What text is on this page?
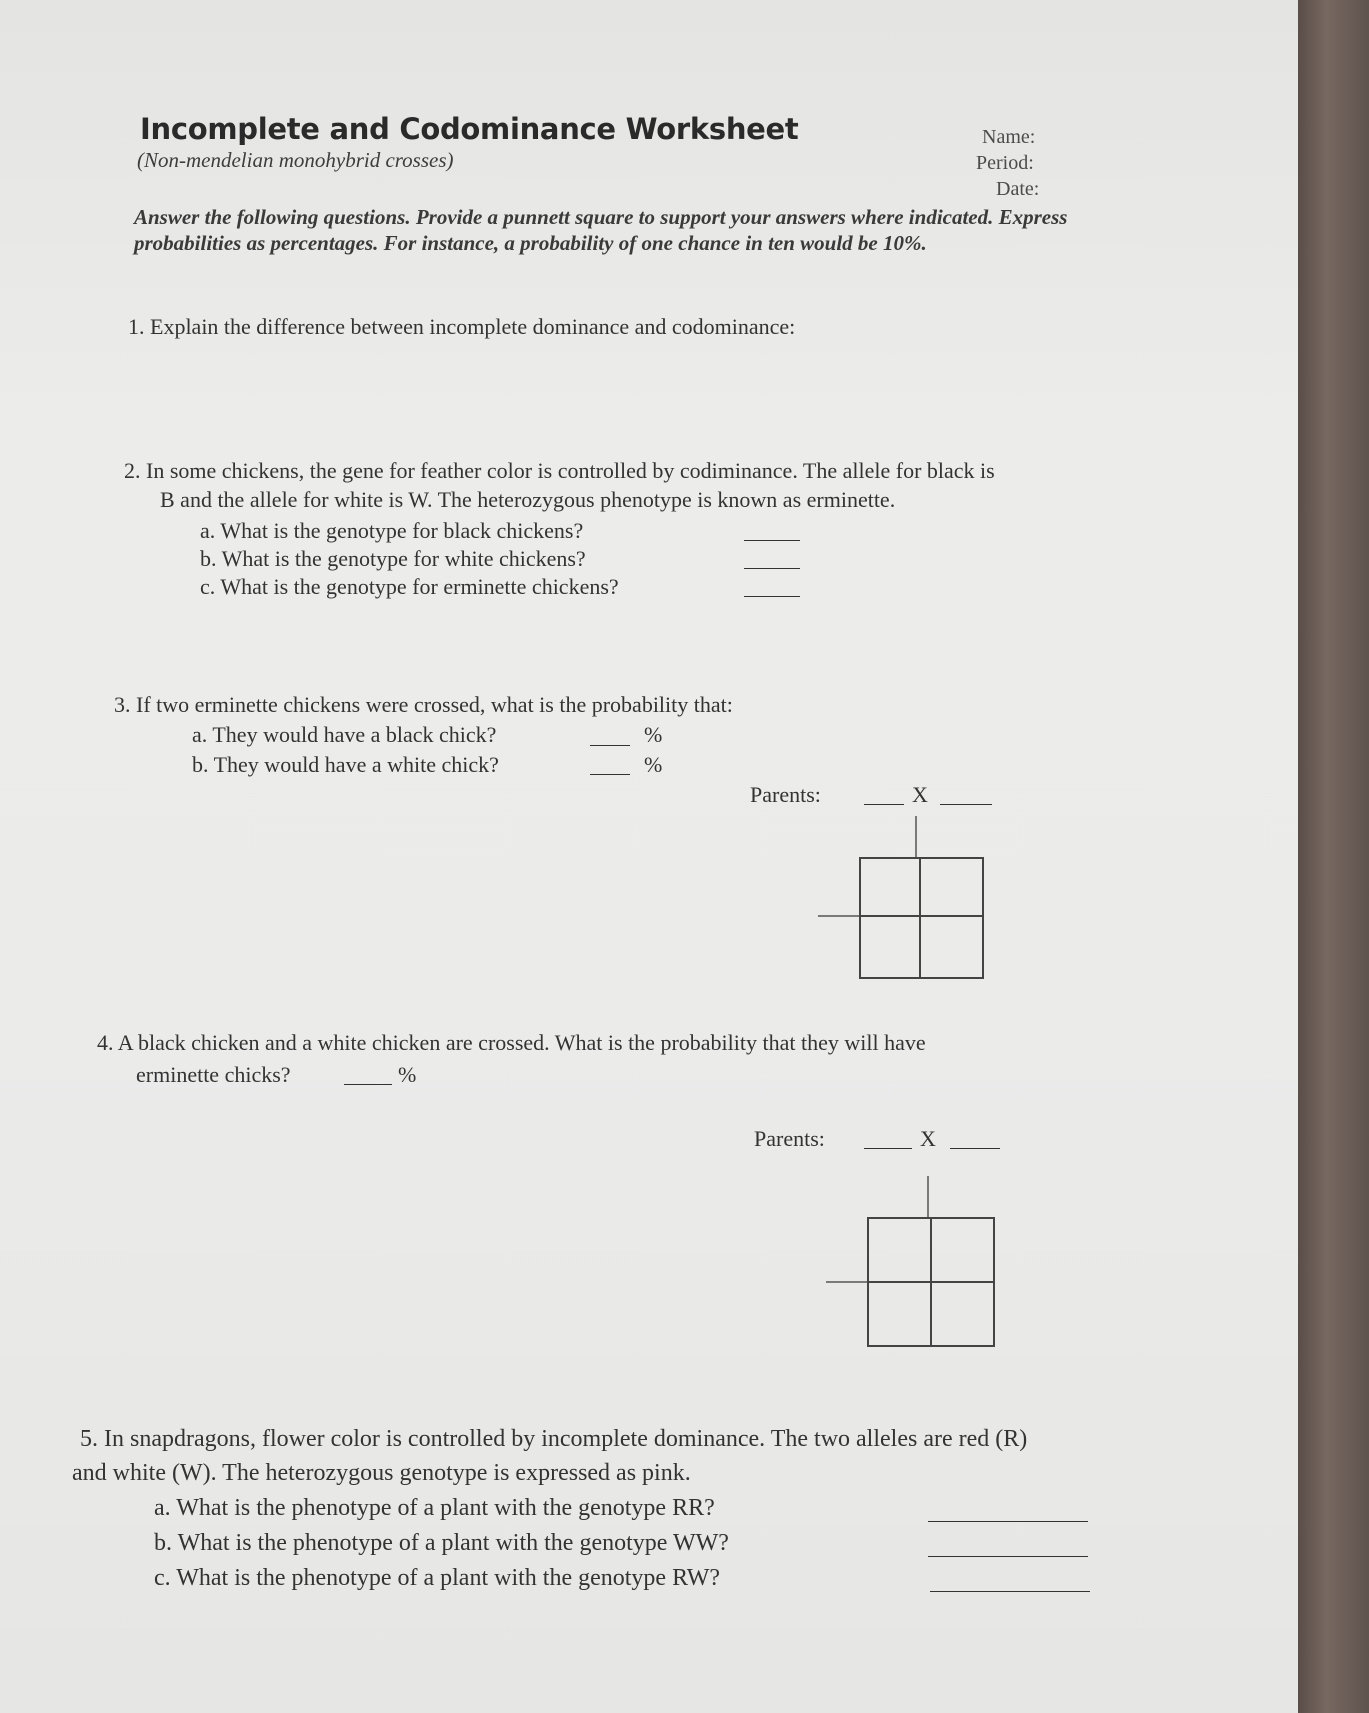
Incomplete and Codominance Worksheet
(Non-mendelian monohybrid crosses)
Name:
Period:
Date:
Answer the following questions. Provide a punnett square to support your answers where indicated. Express probabilities as percentages. For instance, a probability of one chance in ten would be 10%.
1. Explain the difference between incomplete dominance and codominance:
2. In some chickens, the gene for feather color is controlled by codiminance. The allele for black is
B and the allele for white is W. The heterozygous phenotype is known as erminette.
a. What is the genotype for black chickens?
b. What is the genotype for white chickens?
c. What is the genotype for erminette chickens?
3. If two erminette chickens were crossed, what is the probability that:
a. They would have a black chick?	%
b. They would have a white chick?	%
Parents:	X
4. A black chicken and a white chicken are crossed. What is the probability that they will have
erminette chicks?	%
Parents:	X
5. In snapdragons, flower color is controlled by incomplete dominance. The two alleles are red (R)
and white (W). The heterozygous genotype is expressed as pink.
a. What is the phenotype of a plant with the genotype RR?
b. What is the phenotype of a plant with the genotype WW?
c. What is the phenotype of a plant with the genotype RW?
